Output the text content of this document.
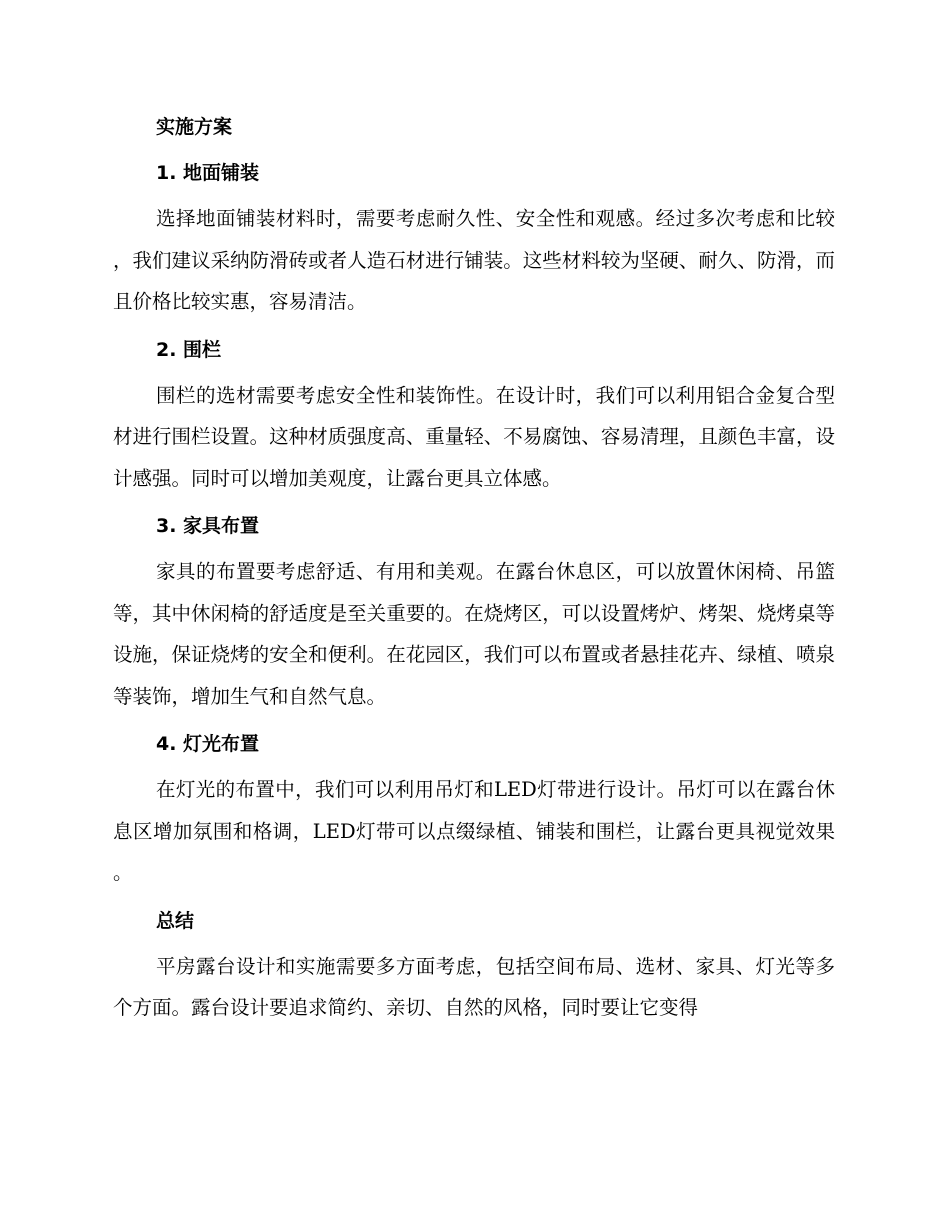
实施方案
1. 地面铺装

选择地面铺装材料时，需要考虑耐久性、安全性和观感。经过多次考虑和比较，我们建议采纳防滑砖或者人造石材进行铺装。这些材料较为坚硬、耐久、防滑，而且价格比较实惠，容易清洁。

2. 围栏

围栏的选材需要考虑安全性和装饰性。在设计时，我们可以利用铝合金复合型材进行围栏设置。这种材质强度高、重量轻、不易腐蚀、容易清理，且颜色丰富，设计感强。同时可以增加美观度，让露台更具立体感。

3. 家具布置

家具的布置要考虑舒适、有用和美观。在露台休息区，可以放置休闲椅、吊篮等，其中休闲椅的舒适度是至关重要的。在烧烤区，可以设置烤炉、烤架、烧烤桌等设施，保证烧烤的安全和便利。在花园区，我们可以布置或者悬挂花卉、绿植、喷泉等装饰，增加生气和自然气息。

4. 灯光布置

在灯光的布置中，我们可以利用吊灯和LED灯带进行设计。吊灯可以在露台休息区增加氛围和格调，LED灯带可以点缀绿植、铺装和围栏，让露台更具视觉效果。

总结

平房露台设计和实施需要多方面考虑，包括空间布局、选材、家具、灯光等多个方面。露台设计要追求简约、亲切、自然的风格，同时要让它变得
